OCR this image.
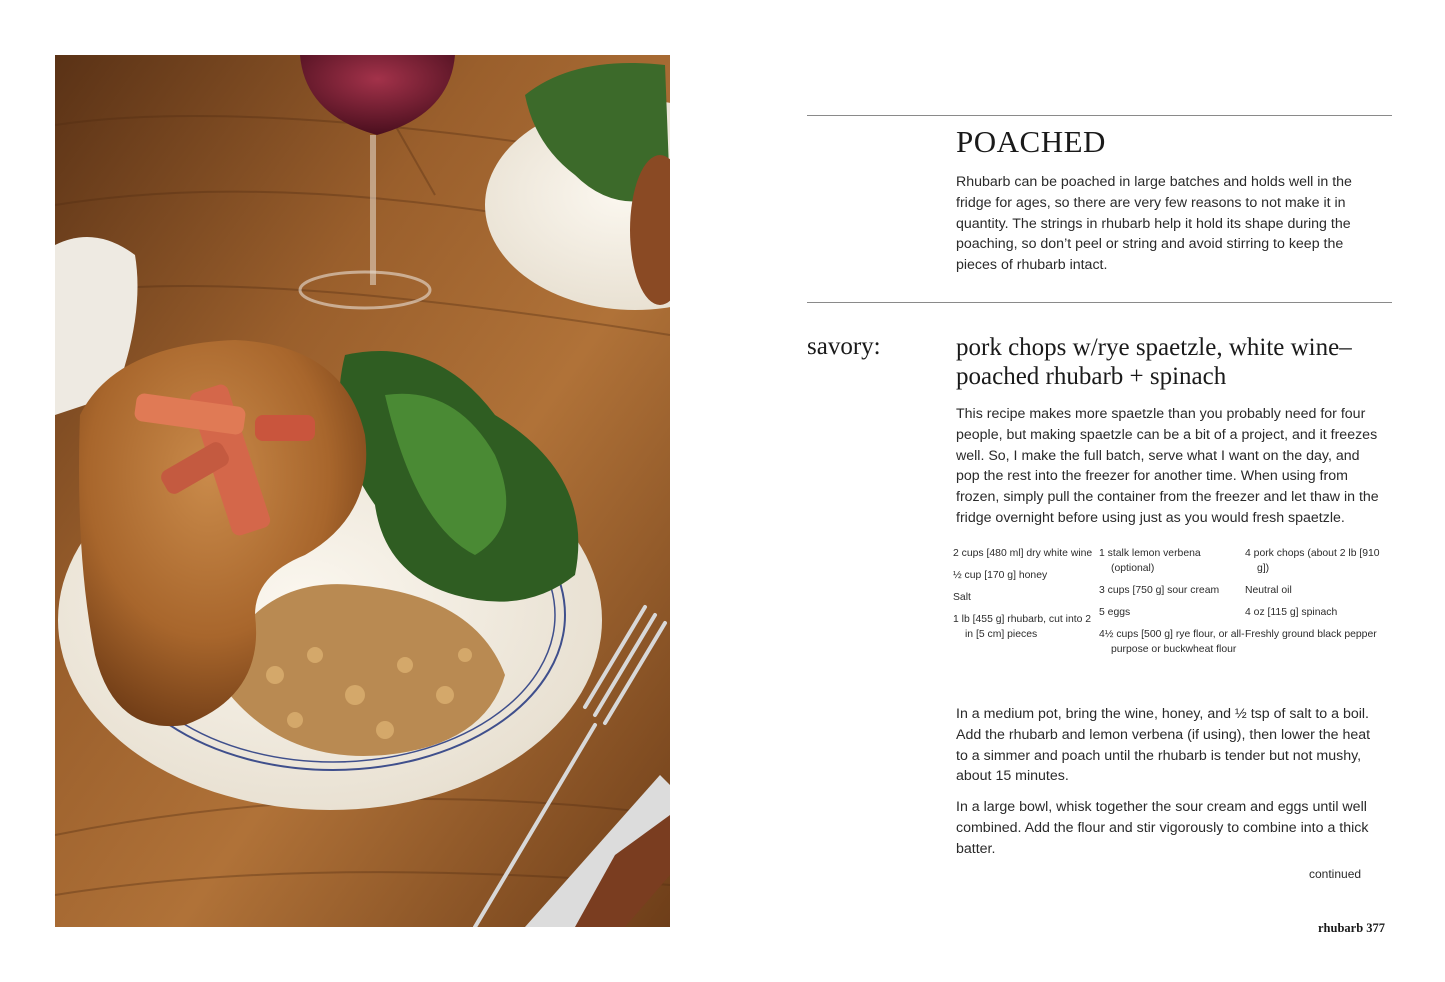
POACHED

Rhubarb can be poached in large batches and holds well in the fridge for ages, so there are very few reasons to not make it in quantity. The strings in rhubarb help it hold its shape during the poaching, so don’t peel or string and avoid stirring to keep the pieces of rhubarb intact.

savory:	pork chops w/rye spaetzle, white wine–poached rhubarb + spinach

This recipe makes more spaetzle than you probably need for four people, but making spaetzle can be a bit of a project, and it freezes well. So, I make the full batch, serve what I want on the day, and pop the rest into the freezer for another time. When using from frozen, simply pull the container from the freezer and let thaw in the fridge overnight before using just as you would fresh spaetzle.

2 cups [480 ml] dry white wine
½ cup [170 g] honey
Salt
1 lb [455 g] rhubarb, cut into 2 in [5 cm] pieces
1 stalk lemon verbena (optional)
3 cups [750 g] sour cream
5 eggs
4½ cups [500 g] rye flour, or all-purpose or buckwheat flour
4 pork chops (about 2 lb [910 g])
Neutral oil
4 oz [115 g] spinach
Freshly ground black pepper

In a medium pot, bring the wine, honey, and ½ tsp of salt to a boil. Add the rhubarb and lemon verbena (if using), then lower the heat to a simmer and poach until the rhubarb is tender but not mushy, about 15 minutes.

In a large bowl, whisk together the sour cream and eggs until well combined. Add the flour and stir vigorously to combine into a thick batter.

continued

rhubarb 377
